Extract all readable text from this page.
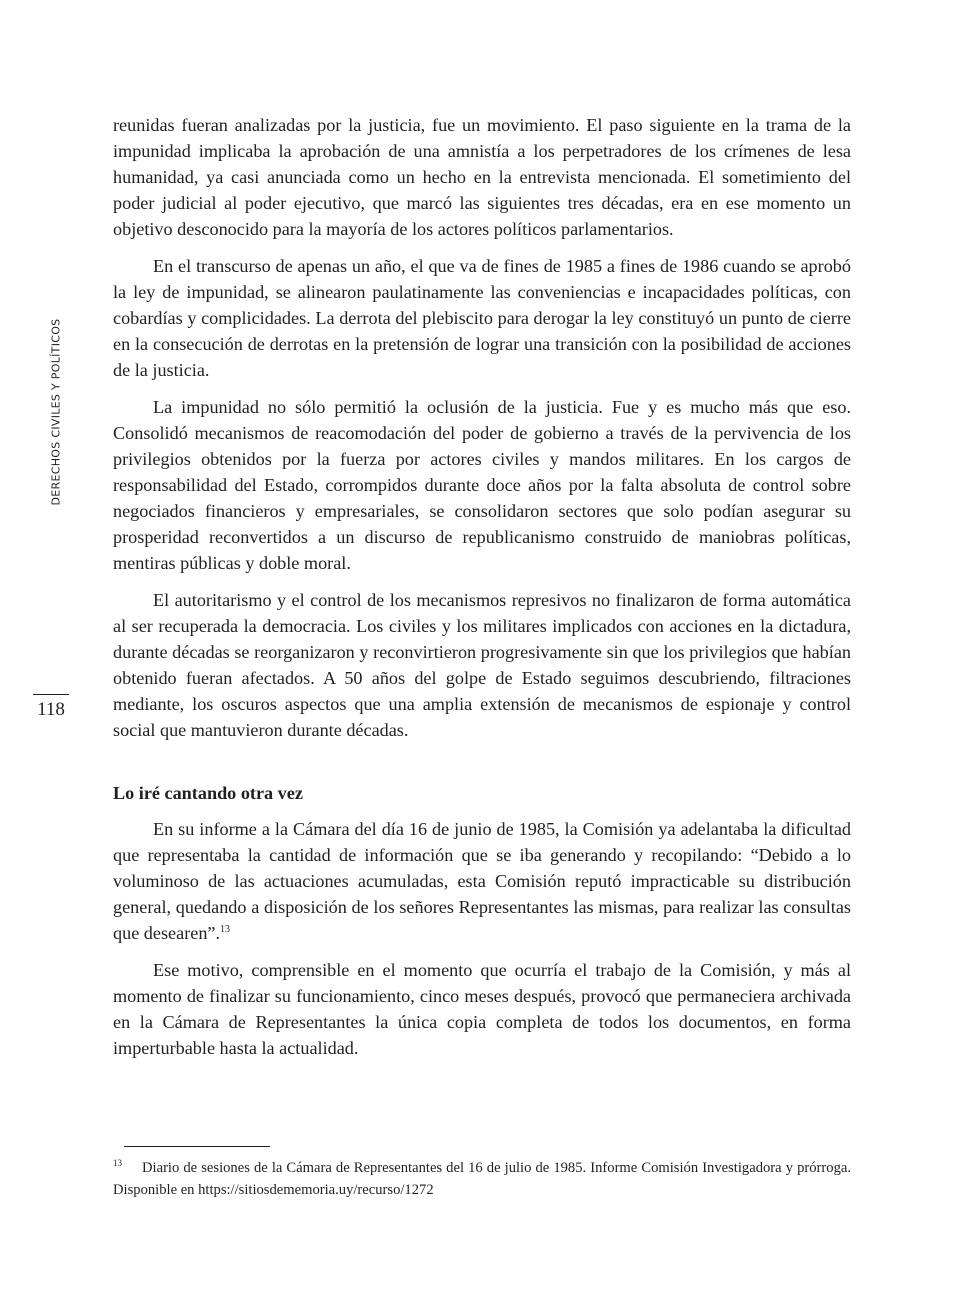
DERECHOS CIVILES Y POLÍTICOS
118

reunidas fueran analizadas por la justicia, fue un movimiento. El paso siguiente en la trama de la impunidad implicaba la aprobación de una amnistía a los perpetradores de los crímenes de lesa humanidad, ya casi anunciada como un hecho en la entrevista mencionada. El sometimiento del poder judicial al poder ejecutivo, que marcó las siguientes tres décadas, era en ese momento un objetivo desconocido para la mayoría de los actores políticos parlamentarios.

En el transcurso de apenas un año, el que va de fines de 1985 a fines de 1986 cuando se aprobó la ley de impunidad, se alinearon paulatinamente las conveniencias e incapacidades políticas, con cobardías y complicidades. La derrota del plebiscito para derogar la ley constituyó un punto de cierre en la consecución de derrotas en la pretensión de lograr una transición con la posibilidad de acciones de la justicia.

La impunidad no sólo permitió la oclusión de la justicia. Fue y es mucho más que eso. Consolidó mecanismos de reacomodación del poder de gobierno a través de la pervivencia de los privilegios obtenidos por la fuerza por actores civiles y mandos militares. En los cargos de responsabilidad del Estado, corrompidos durante doce años por la falta absoluta de control sobre negociados financieros y empresariales, se consolidaron sectores que solo podían asegurar su prosperidad reconvertidos a un discurso de republicanismo construido de maniobras políticas, mentiras públicas y doble moral.

El autoritarismo y el control de los mecanismos represivos no finalizaron de forma automática al ser recuperada la democracia. Los civiles y los militares implicados con acciones en la dictadura, durante décadas se reorganizaron y reconvirtieron progresivamente sin que los privilegios que habían obtenido fueran afectados. A 50 años del golpe de Estado seguimos descubriendo, filtraciones mediante, los oscuros aspectos que una amplia extensión de mecanismos de espionaje y control social que mantuvieron durante décadas.

Lo iré cantando otra vez

En su informe a la Cámara del día 16 de junio de 1985, la Comisión ya adelantaba la dificultad que representaba la cantidad de información que se iba generando y recopilando: “Debido a lo voluminoso de las actuaciones acumuladas, esta Comisión reputó impracticable su distribución general, quedando a disposición de los señores Representantes las mismas, para realizar las consultas que desearen”.$^{13}$

Ese motivo, comprensible en el momento que ocurría el trabajo de la Comisión, y más al momento de finalizar su funcionamiento, cinco meses después, provocó que permaneciera archivada en la Cámara de Representantes la única copia completa de todos los documentos, en forma imperturbable hasta la actualidad.

13 Diario de sesiones de la Cámara de Representantes del 16 de julio de 1985. Informe Comisión Investigadora y prórroga. Disponible en https://sitiosdememoria.uy/recurso/1272
